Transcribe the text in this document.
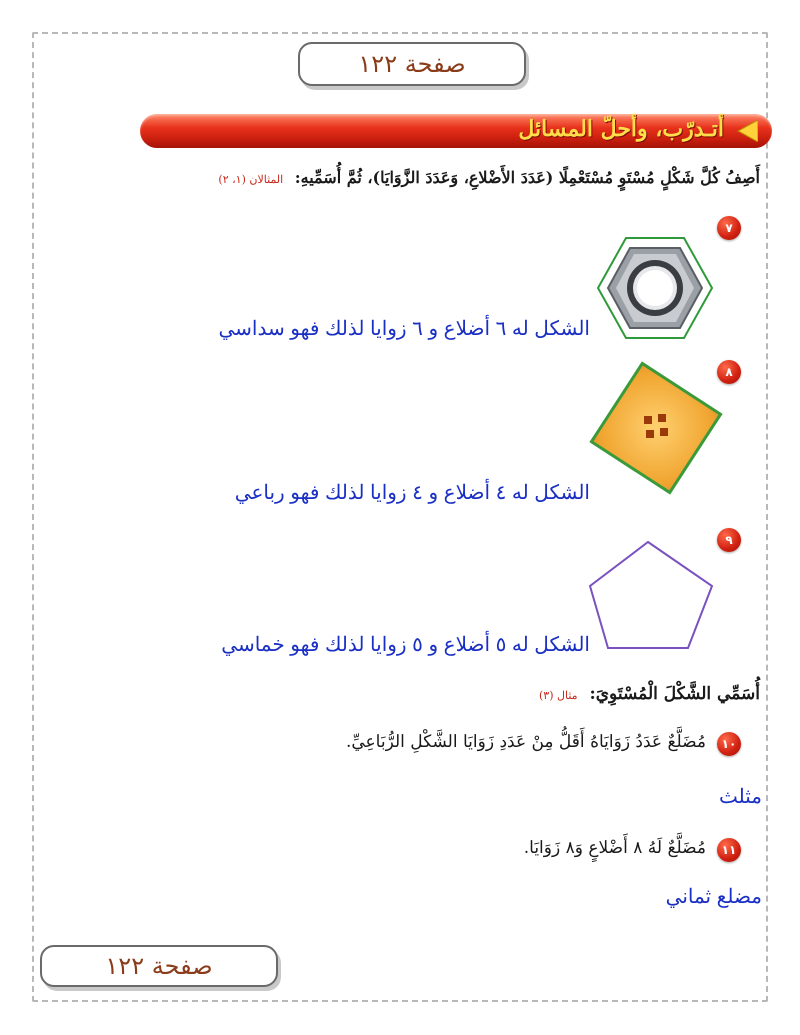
صفحة ١٢٢
أتـدرّب، وأحلّ المسائل
أَصِفُ كُلَّ شَكْلٍ مُسْتَوٍ مُسْتَعْمِلًا (عَدَدَ الأَضْلاعِ، وَعَدَدَ الزَّوَايَا)، ثُمَّ أُسَمِّيهِ: المثالان (١، ٢)
٧
الشكل له ٦ أضلاع و ٦ زوايا لذلك فهو سداسي
٨
الشكل له ٤ أضلاع و ٤ زوايا لذلك فهو رباعي
٩
الشكل له ٥ أضلاع و ٥ زوايا لذلك فهو خماسي
أُسَمِّي الشَّكْلَ الْمُسْتَوِيَ: مثال (٣)
١٠
مُضَلَّعٌ عَدَدُ زَوَايَاهُ أَقَلُّ مِنْ عَدَدِ زَوَايَا الشَّكْلِ الرُّبَاعِيِّ.
مثلث
١١
مُضَلَّعٌ لَهُ ٨ أَضْلاعٍ وَ٨ زَوَايَا.
مضلع ثماني
صفحة ١٢٢
